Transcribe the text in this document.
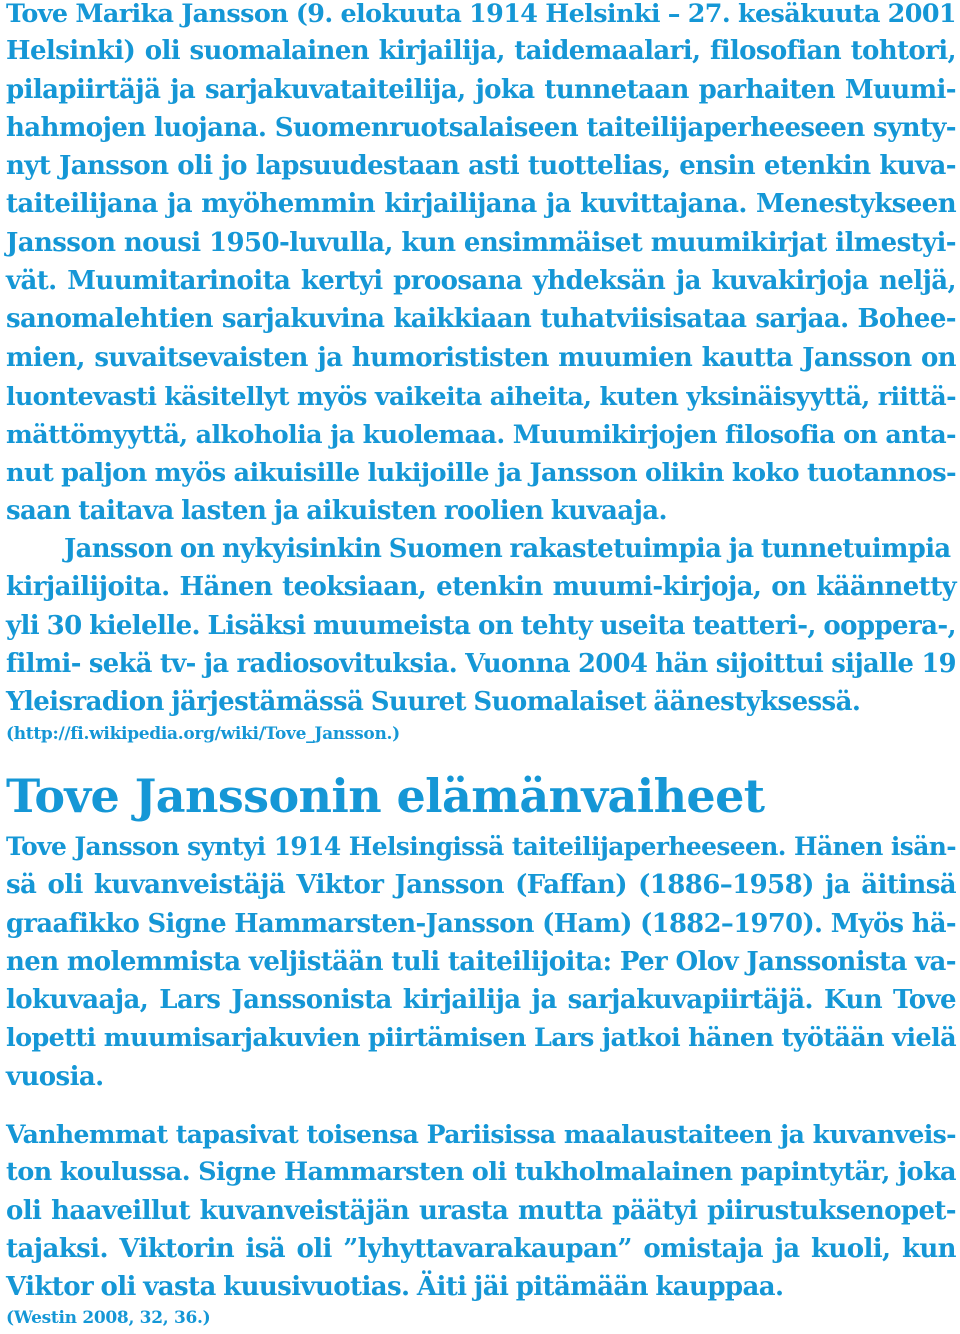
Tove Marika Jansson (9. elokuuta 1914 Helsinki – 27. kesäkuuta 2001
Helsinki) oli suomalainen kirjailija, taidemaalari, filosofian tohtori,
pilapiirtäjä ja sarjakuvataiteilija, joka tunnetaan parhaiten Muumi-
hahmojen luojana. Suomenruotsalaiseen taiteilijaperheeseen synty-
nyt Jansson oli jo lapsuudestaan asti tuottelias, ensin etenkin kuva-
taiteilijana ja myöhemmin kirjailijana ja kuvittajana. Menestykseen
Jansson nousi 1950-luvulla, kun ensimmäiset muumikirjat ilmestyi-
vät. Muumitarinoita kertyi proosana yhdeksän ja kuvakirjoja neljä,
sanomalehtien sarjakuvina kaikkiaan tuhatviisisataa sarjaa. Bohee-
mien, suvaitsevaisten ja humorististen muumien kautta Jansson on
luontevasti käsitellyt myös vaikeita aiheita, kuten yksinäisyyttä, riittä-
mättömyyttä, alkoholia ja kuolemaa. Muumikirjojen filosofia on anta-
nut paljon myös aikuisille lukijoille ja Jansson olikin koko tuotannos-
saan taitava lasten ja aikuisten roolien kuvaaja.
Jansson on nykyisinkin Suomen rakastetuimpia ja tunnetuimpia
kirjailijoita. Hänen teoksiaan, etenkin muumi-kirjoja, on käännetty
yli 30 kielelle. Lisäksi muumeista on tehty useita teatteri-, ooppera-,
filmi- sekä tv- ja radiosovituksia. Vuonna 2004 hän sijoittui sijalle 19
Yleisradion järjestämässä Suuret Suomalaiset äänestyksessä.
(http://fi.wikipedia.org/wiki/Tove_Jansson.)
Tove Janssonin elämänvaiheet
Tove Jansson syntyi 1914 Helsingissä taiteilijaperheeseen. Hänen isän-
sä oli kuvanveistäjä Viktor Jansson (Faffan) (1886–1958) ja äitinsä
graafikko Signe Hammarsten-Jansson (Ham) (1882–1970). Myös hä-
nen molemmista veljistään tuli taiteilijoita: Per Olov Janssonista va-
lokuvaaja, Lars Janssonista kirjailija ja sarjakuvapiirtäjä. Kun Tove
lopetti muumisarjakuvien piirtämisen Lars jatkoi hänen työtään vielä
vuosia.
Vanhemmat tapasivat toisensa Pariisissa maalaustaiteen ja kuvanveis-
ton koulussa. Signe Hammarsten oli tukholmalainen papintytär, joka
oli haaveillut kuvanveistäjän urasta mutta päätyi piirustuksenopet-
tajaksi. Viktorin isä oli ”lyhyttavarakaupan” omistaja ja kuoli, kun
Viktor oli vasta kuusivuotias. Äiti jäi pitämään kauppaa.
(Westin 2008, 32, 36.)
